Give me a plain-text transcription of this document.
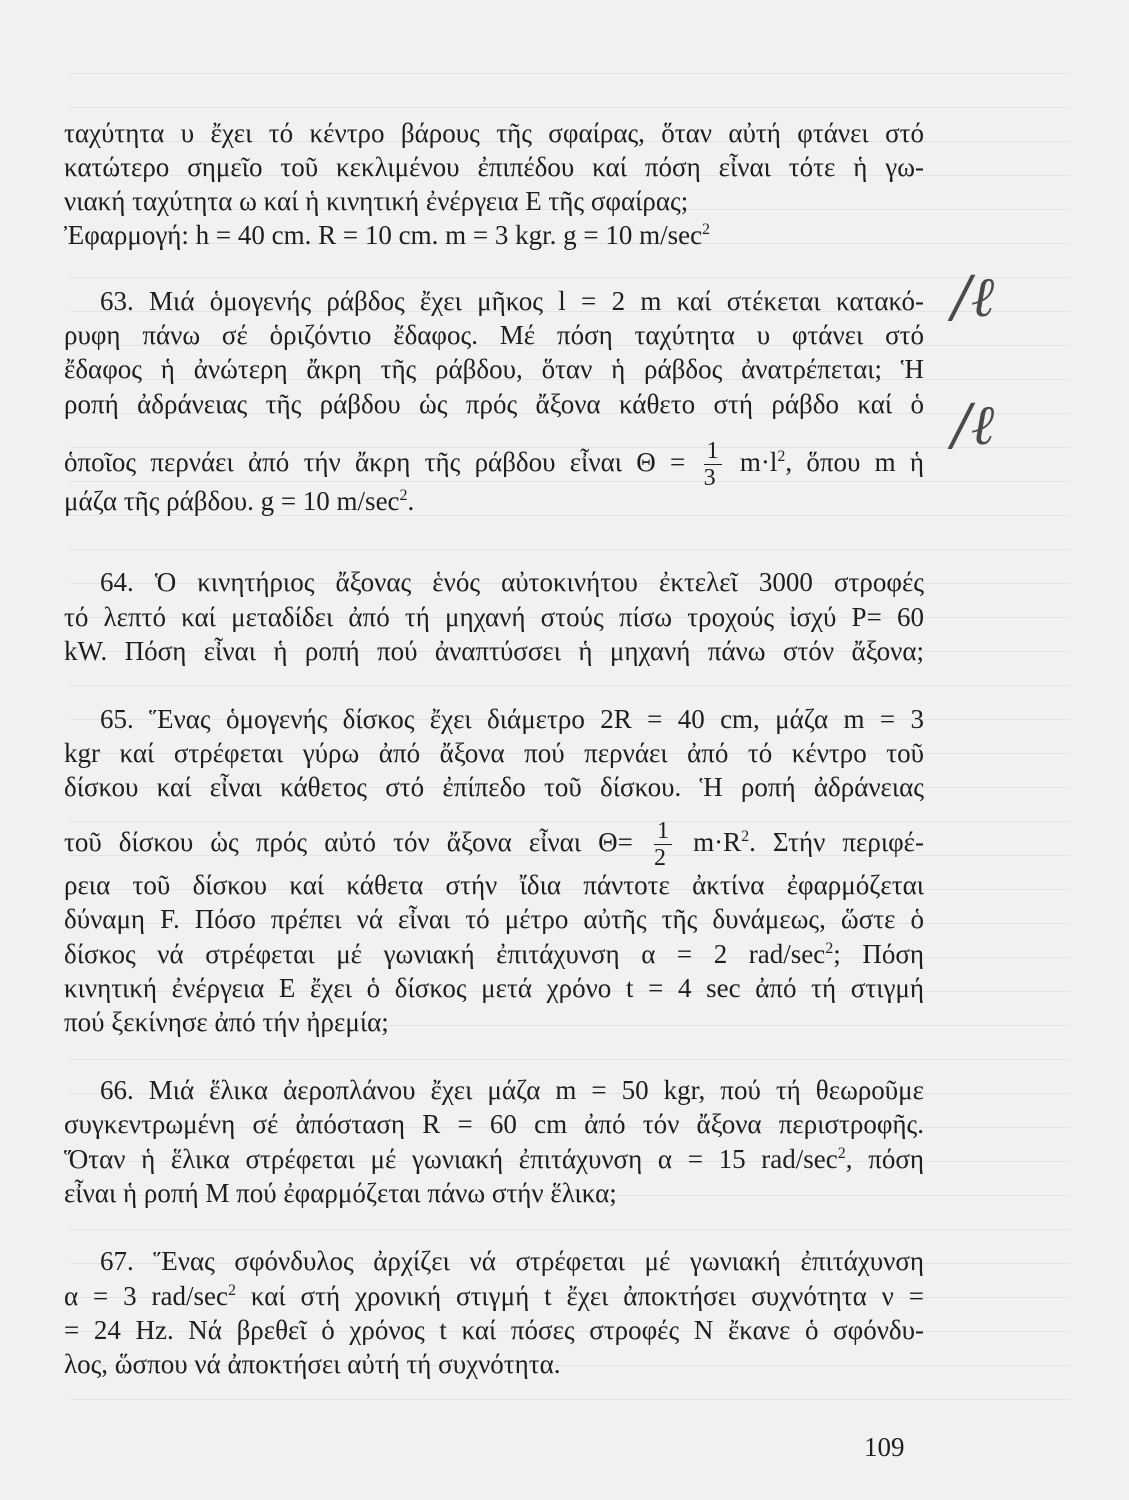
ταχύτητα υ ἔχει τό κέντρο βάρους τῆς σφαίρας, ὅταν αὐτή φτάνει στό
κατώτερο σημεῖο τοῦ κεκλιμένου ἐπιπέδου καί πόση εἶναι τότε ἡ γω-
νιακή ταχύτητα ω καί ἡ κινητική ἐνέργεια Ε τῆς σφαίρας;
Ἐφαρμογή: h = 40 cm. R = 10 cm. m = 3 kgr. g = 10 $m/\sec^2$
63. Μιά ὁμογενής ράβδος ἔχει μῆκος l = 2 m καί στέκεται κατακό-
ρυφη πάνω σέ ὁριζόντιο ἔδαφος. Μέ πόση ταχύτητα υ φτάνει στό
ἔδαφος ἡ ἀνώτερη ἄκρη τῆς ράβδου, ὅταν ἡ ράβδος ἀνατρέπεται; Ἡ
ροπή ἀδράνειας τῆς ράβδου ὡς πρός ἄξονα κάθετο στή ράβδο καί ὁ
ὁποῖος περνάει ἀπό τήν ἄκρη τῆς ράβδου εἶναι $\Theta = \frac{1}{3} m\cdot l^2$, ὅπου m ἡ
μάζα τῆς ράβδου. g = 10 $m/\sec^2$.
64. Ὁ κινητήριος ἄξονας ἑνός αὐτοκινήτου ἐκτελεῖ 3000 στροφές
τό λεπτό καί μεταδίδει ἀπό τή μηχανή στούς πίσω τροχούς ἰσχύ P= 60
kW. Πόση εἶναι ἡ ροπή πού ἀναπτύσσει ἡ μηχανή πάνω στόν ἄξονα;
65. Ἕνας ὁμογενής δίσκος ἔχει διάμετρο 2R = 40 cm, μάζα m = 3
kgr καί στρέφεται γύρω ἀπό ἄξονα πού περνάει ἀπό τό κέντρο τοῦ
δίσκου καί εἶναι κάθετος στό ἐπίπεδο τοῦ δίσκου. Ἡ ροπή ἀδράνειας
τοῦ δίσκου ὡς πρός αὐτό τόν ἄξονα εἶναι $\Theta= \frac{1}{2} m\cdot R^2$. Στήν περιφέ-
ρεια τοῦ δίσκου καί κάθετα στήν ἴδια πάντοτε ἀκτίνα ἐφαρμόζεται
δύναμη F. Πόσο πρέπει νά εἶναι τό μέτρο αὐτῆς τῆς δυνάμεως, ὥστε ὁ
δίσκος νά στρέφεται μέ γωνιακή ἐπιτάχυνση α = 2 rad/$\sec^2$; Πόση
κινητική ἐνέργεια Ε ἔχει ὁ δίσκος μετά χρόνο t = 4 sec ἀπό τή στιγμή
πού ξεκίνησε ἀπό τήν ἠρεμία;
66. Μιά ἕλικα ἀεροπλάνου ἔχει μάζα m = 50 kgr, πού τή θεωροῦμε
συγκεντρωμένη σέ ἀπόσταση R = 60 cm ἀπό τόν ἄξονα περιστροφῆς.
Ὅταν ἡ ἕλικα στρέφεται μέ γωνιακή ἐπιτάχυνση α = 15 rad/$\sec^2$, πόση
εἶναι ἡ ροπή Μ πού ἐφαρμόζεται πάνω στήν ἕλικα;
67. Ἕνας σφόνδυλος ἀρχίζει νά στρέφεται μέ γωνιακή ἐπιτάχυνση
α = 3 rad/$\sec^2$ καί στή χρονική στιγμή t ἔχει ἀποκτήσει συχνότητα ν =
= 24 Hz. Νά βρεθεῖ ὁ χρόνος t καί πόσες στροφές Ν ἔκανε ὁ σφόνδυ-
λος, ὥσπου νά ἀποκτήσει αὐτή τή συχνότητα.
109
/ℓ
/ℓ
